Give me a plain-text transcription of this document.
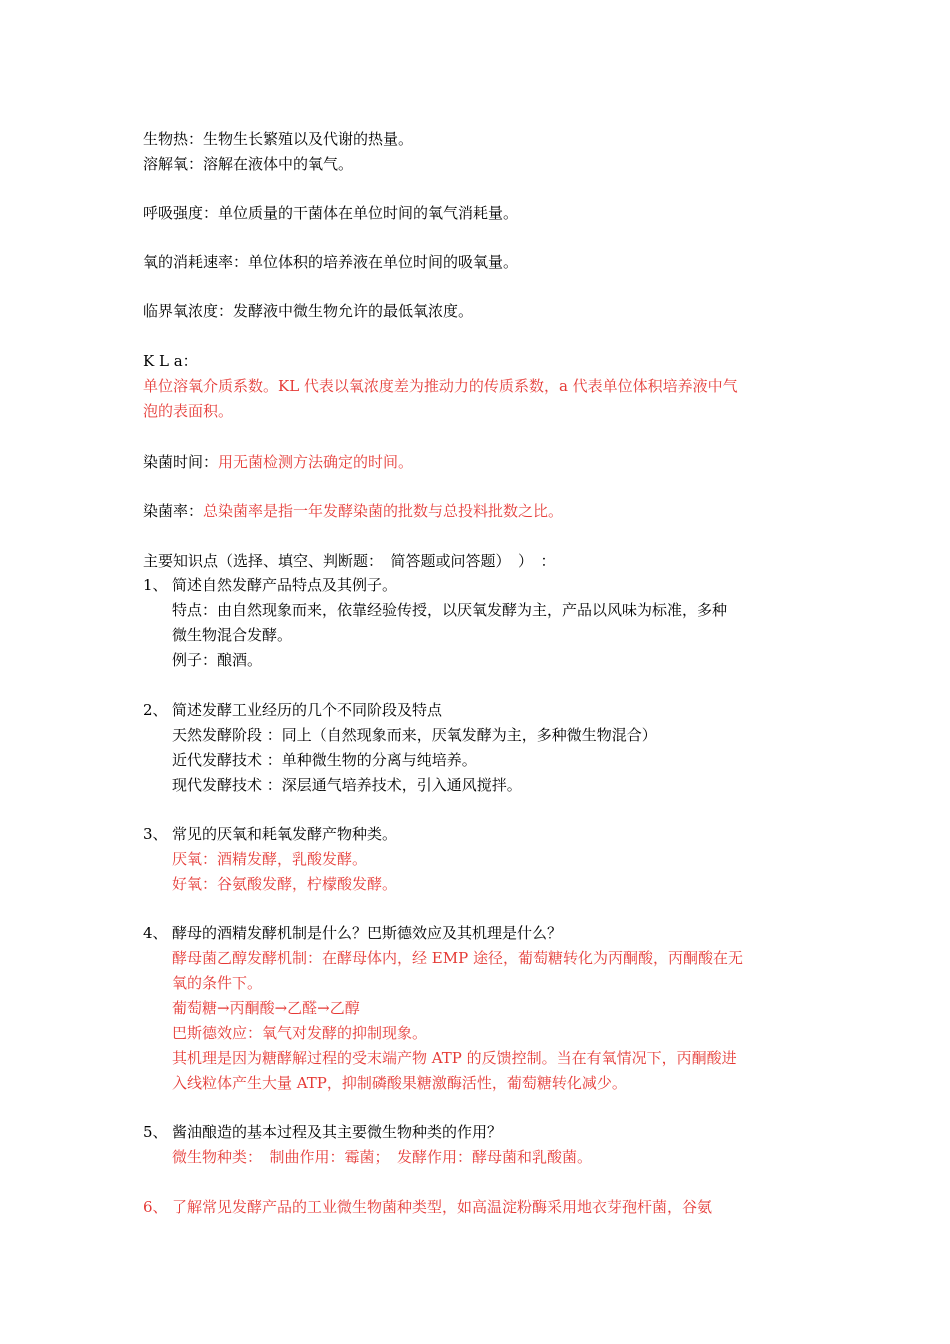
生物热：生物生长繁殖以及代谢的热量。
溶解氧：溶解在液体中的氧气。
呼吸强度：单位质量的干菌体在单位时间的氧气消耗量。
氧的消耗速率：单位体积的培养液在单位时间的吸氧量。
临界氧浓度：发酵液中微生物允许的最低氧浓度。
K L a：
单位溶氧介质系数。KL 代表以氧浓度差为推动力的传质系数，a 代表单位体积培养液中气
泡的表面积。
染菌时间：用无菌检测方法确定的时间。
染菌率：总染菌率是指一年发酵染菌的批数与总投料批数之比。
主要知识点（选择、填空、判断题：　简答题或问答题）　）　：
1、 简述自然发酵产品特点及其例子。
特点：由自然现象而来，依靠经验传授，以厌氧发酵为主，产品以风味为标准，多种
微生物混合发酵。
例子：酿酒。
2、 简述发酵工业经历的几个不同阶段及特点
天然发酵阶段 ：同上（自然现象而来，厌氧发酵为主，多种微生物混合）
近代发酵技术 ：单种微生物的分离与纯培养。
现代发酵技术 ：深层通气培养技术，引入通风搅拌。
3、 常见的厌氧和耗氧发酵产物种类。
厌氧：酒精发酵，乳酸发酵。
好氧：谷氨酸发酵，柠檬酸发酵。
4、 酵母的酒精发酵机制是什么？巴斯德效应及其机理是什么？
酵母菌乙醇发酵机制：在酵母体内，经 EMP 途径，葡萄糖转化为丙酮酸，丙酮酸在无
氧的条件下。
葡萄糖→丙酮酸→乙醛→乙醇
巴斯德效应：氧气对发酵的抑制现象。
其机理是因为糖酵解过程的受末端产物 ATP 的反馈控制。当在有氧情况下，丙酮酸进
入线粒体产生大量 ATP，抑制磷酸果糖激酶活性，葡萄糖转化减少。
5、 酱油酿造的基本过程及其主要微生物种类的作用？
微生物种类：　制曲作用：霉菌；　发酵作用：酵母菌和乳酸菌。
6、 了解常见发酵产品的工业微生物菌种类型，如高温淀粉酶采用地衣芽孢杆菌，谷氨
